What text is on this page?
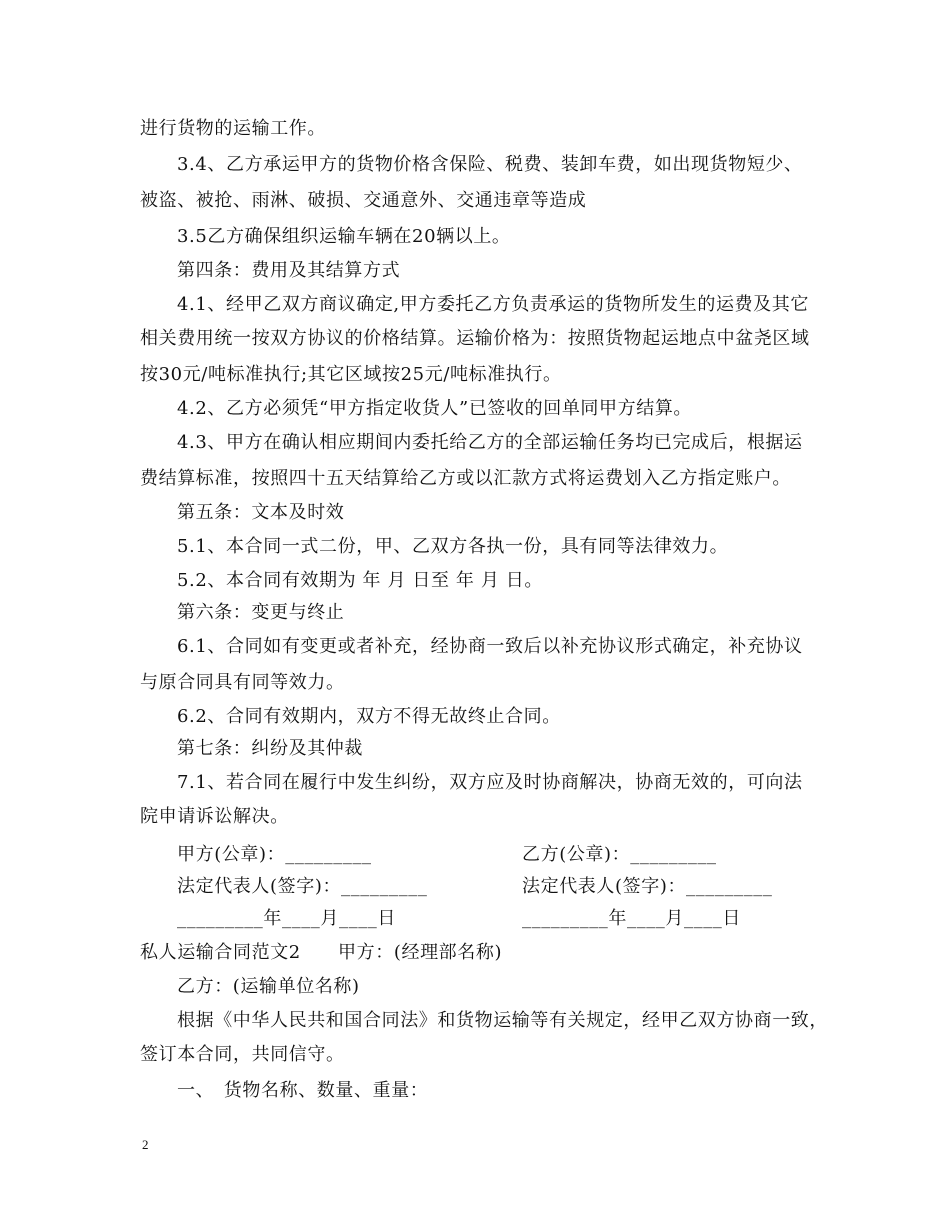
进行货物的运输工作。
3.4、乙方承运甲方的货物价格含保险、税费、装卸车费，如出现货物短少、
被盗、被抢、雨淋、破损、交通意外、交通违章等造成
3.5乙方确保组织运输车辆在20辆以上。
第四条：费用及其结算方式
4.1、经甲乙双方商议确定,甲方委托乙方负责承运的货物所发生的运费及其它
相关费用统一按双方协议的价格结算。运输价格为：按照货物起运地点中盆尧区域
按30元/吨标准执行;其它区域按25元/吨标准执行。
4.2、乙方必须凭“甲方指定收货人”已签收的回单同甲方结算。
4.3、甲方在确认相应期间内委托给乙方的全部运输任务均已完成后，根据运
费结算标准，按照四十五天结算给乙方或以汇款方式将运费划入乙方指定账户。
第五条：文本及时效
5.1、本合同一式二份，甲、乙双方各执一份，具有同等法律效力。
5.2、本合同有效期为 年 月 日至 年 月 日。
第六条：变更与终止
6.1、合同如有变更或者补充，经协商一致后以补充协议形式确定，补充协议
与原合同具有同等效力。
6.2、合同有效期内，双方不得无故终止合同。
第七条：纠纷及其仲裁
7.1、若合同在履行中发生纠纷，双方应及时协商解决，协商无效的，可向法
院申请诉讼解决。
甲方(公章)：_________	乙方(公章)：_________
法定代表人(签字)：_________	法定代表人(签字)：_________
_________年____月____日	_________年____月____日
私人运输合同范文2　　甲方：(经理部名称)
乙方：(运输单位名称)
根据《中华人民共和国合同法》和货物运输等有关规定，经甲乙双方协商一致，
签订本合同，共同信守。
一、　货物名称、数量、重量：
2
